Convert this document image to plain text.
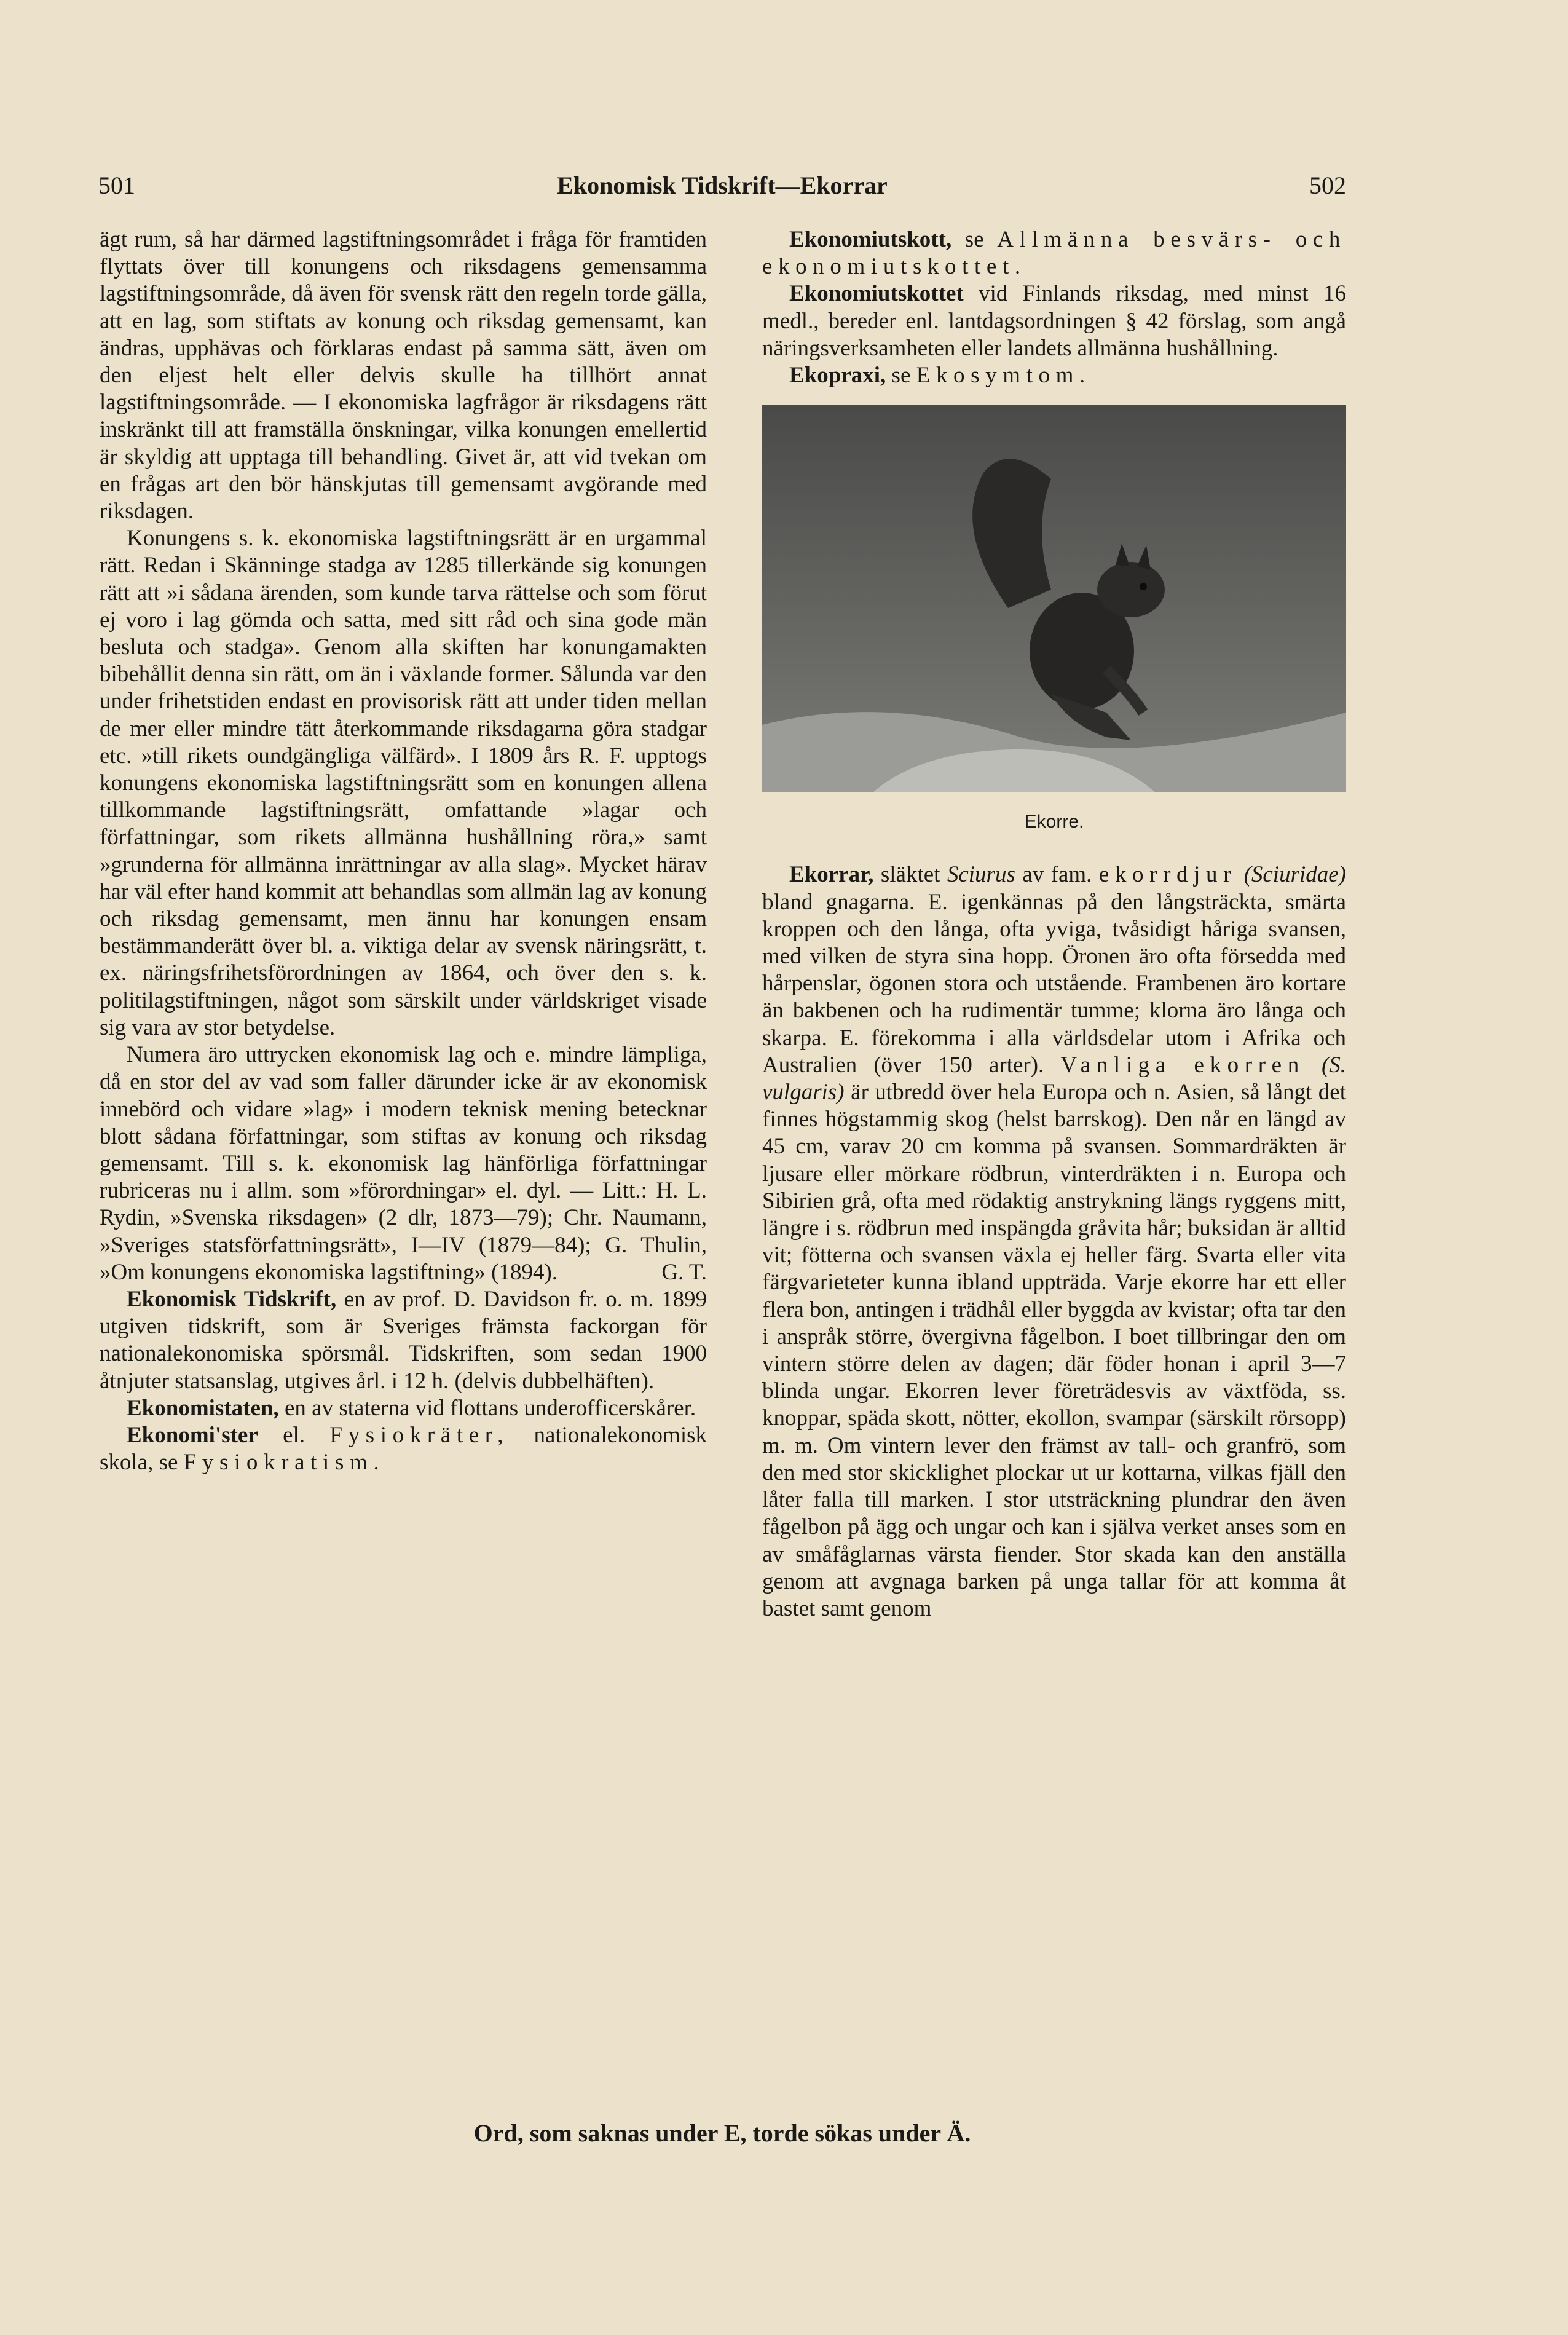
501	Ekonomisk Tidskrift—Ekorrar	502

ägt rum, så har därmed lagstiftningsområdet i fråga för framtiden flyttats över till konungens och riksdagens gemensamma lagstiftningsområde, då även för svensk rätt den regeln torde gälla, att en lag, som stiftats av konung och riksdag gemensamt, kan ändras, upphävas och förklaras endast på samma sätt, även om den eljest helt eller delvis skulle ha tillhört annat lagstiftningsområde. — I ekonomiska lagfrågor är riksdagens rätt inskränkt till att framställa önskningar, vilka konungen emellertid är skyldig att upptaga till behandling. Givet är, att vid tvekan om en frågas art den bör hänskjutas till gemensamt avgörande med riksdagen.

Konungens s. k. ekonomiska lagstiftningsrätt är en urgammal rätt. Redan i Skänninge stadga av 1285 tillerkände sig konungen rätt att »i sådana ärenden, som kunde tarva rättelse och som förut ej voro i lag gömda och satta, med sitt råd och sina gode män besluta och stadga». Genom alla skiften har konungamakten bibehållit denna sin rätt, om än i växlande former. Sålunda var den under frihetstiden endast en provisorisk rätt att under tiden mellan de mer eller mindre tätt återkommande riksdagarna göra stadgar etc. »till rikets oundgängliga välfärd». I 1809 års R. F. upptogs konungens ekonomiska lagstiftningsrätt som en konungen allena tillkommande lagstiftningsrätt, omfattande »lagar och författningar, som rikets allmänna hushållning röra,» samt »grunderna för allmänna inrättningar av alla slag». Mycket härav har väl efter hand kommit att behandlas som allmän lag av konung och riksdag gemensamt, men ännu har konungen ensam bestämmanderätt över bl. a. viktiga delar av svensk näringsrätt, t. ex. näringsfrihetsförordningen av 1864, och över den s. k. politilagstiftningen, något som särskilt under världskriget visade sig vara av stor betydelse.

Numera äro uttrycken ekonomisk lag och e. mindre lämpliga, då en stor del av vad som faller därunder icke är av ekonomisk innebörd och vidare »lag» i modern teknisk mening betecknar blott sådana författningar, som stiftas av konung och riksdag gemensamt. Till s. k. ekonomisk lag hänförliga författningar rubriceras nu i allm. som »förordningar» el. dyl. — Litt.: H. L. Rydin, »Svenska riksdagen» (2 dlr, 1873—79); Chr. Naumann, »Sveriges statsförfattningsrätt», I—IV (1879—84); G. Thulin, »Om konungens ekonomiska lagstiftning» (1894).	G. T.

Ekonomisk Tidskrift, en av prof. D. Davidson fr. o. m. 1899 utgiven tidskrift, som är Sveriges främsta fackorgan för nationalekonomiska spörsmål. Tidskriften, som sedan 1900 åtnjuter statsanslag, utgives årl. i 12 h. (delvis dubbelhäften).

Ekonomistaten, en av staterna vid flottans underofficerskårer.

Ekonomi'ster el. Fysiokräter, nationalekonomisk skola, se Fysiokratism.

Ekonomiutskott, se Allmänna besvärs- och ekonomiutskottet.

Ekonomiutskottet vid Finlands riksdag, med minst 16 medl., bereder enl. lantdagsordningen § 42 förslag, som angå näringsverksamheten eller landets allmänna hushållning.

Ekopraxi, se Ekosymtom.

Ekorre.

Ekorrar, släktet Sciurus av fam. ekorrdjur (Sciuridae) bland gnagarna. E. igenkännas på den långsträckta, smärta kroppen och den långa, ofta yviga, tvåsidigt håriga svansen, med vilken de styra sina hopp. Öronen äro ofta försedda med hårpenslar, ögonen stora och utstående. Frambenen äro kortare än bakbenen och ha rudimentär tumme; klorna äro långa och skarpa. E. förekomma i alla världsdelar utom i Afrika och Australien (över 150 arter). Vanliga ekorren (S. vulgaris) är utbredd över hela Europa och n. Asien, så långt det finnes högstammig skog (helst barrskog). Den når en längd av 45 cm, varav 20 cm komma på svansen. Sommardräkten är ljusare eller mörkare rödbrun, vinterdräkten i n. Europa och Sibirien grå, ofta med rödaktig anstrykning längs ryggens mitt, längre i s. rödbrun med inspängda gråvita hår; buksidan är alltid vit; fötterna och svansen växla ej heller färg. Svarta eller vita färgvarieteter kunna ibland uppträda. Varje ekorre har ett eller flera bon, antingen i trädhål eller byggda av kvistar; ofta tar den i anspråk större, övergivna fågelbon. I boet tillbringar den om vintern större delen av dagen; där föder honan i april 3—7 blinda ungar. Ekorren lever företrädesvis av växtföda, ss. knoppar, späda skott, nötter, ekollon, svampar (särskilt rörsopp) m. m. Om vintern lever den främst av tall- och granfrö, som den med stor skicklighet plockar ut ur kottarna, vilkas fjäll den låter falla till marken. I stor utsträckning plundrar den även fågelbon på ägg och ungar och kan i själva verket anses som en av småfåglarnas värsta fiender. Stor skada kan den anställa genom att avgnaga barken på unga tallar för att komma åt bastet samt genom

Ord, som saknas under E, torde sökas under Ä.
